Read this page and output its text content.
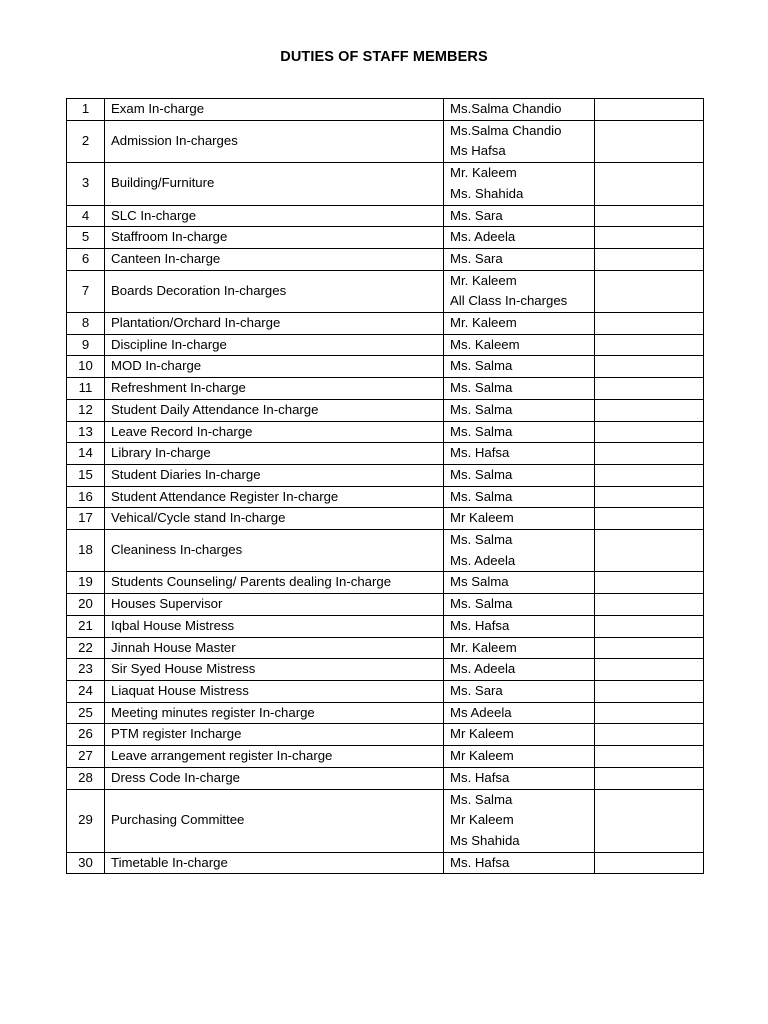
DUTIES OF STAFF MEMBERS
1	Exam In-charge	Ms.Salma Chandio	

2	Admission In-charges	Ms.Salma Chandio
Ms Hafsa	

3	Building/Furniture	Mr. Kaleem
Ms. Shahida	

4	SLC In-charge	Ms. Sara	

5	Staffroom In-charge	Ms. Adeela	

6	Canteen In-charge	Ms. Sara	

7	Boards Decoration In-charges	Mr. Kaleem
All Class In-charges	

8	Plantation/Orchard In-charge	Mr. Kaleem	

9	Discipline In-charge	Ms. Kaleem	

10	MOD In-charge	Ms. Salma	

11	Refreshment In-charge	Ms. Salma	

12	Student Daily Attendance In-charge	Ms. Salma	

13	Leave Record In-charge	Ms. Salma	

14	Library In-charge	Ms. Hafsa	

15	Student Diaries In-charge	Ms. Salma	

16	Student Attendance Register In-charge	Ms. Salma	

17	Vehical/Cycle stand In-charge	Mr Kaleem	

18	Cleaniness In-charges	Ms. Salma
Ms. Adeela	

19	Students Counseling/ Parents dealing In-charge	Ms Salma	

20	Houses Supervisor	Ms. Salma	

21	Iqbal House Mistress	Ms. Hafsa	

22	Jinnah House Master	Mr. Kaleem	

23	Sir Syed House Mistress	Ms. Adeela	

24	Liaquat House Mistress	Ms. Sara	

25	Meeting minutes register In-charge	Ms Adeela	

26	PTM register Incharge	Mr Kaleem	

27	Leave arrangement register In-charge	Mr Kaleem	

28	Dress Code In-charge	Ms. Hafsa	

29	Purchasing Committee	Ms. Salma
Mr Kaleem
Ms Shahida	

30	Timetable In-charge	Ms. Hafsa	
